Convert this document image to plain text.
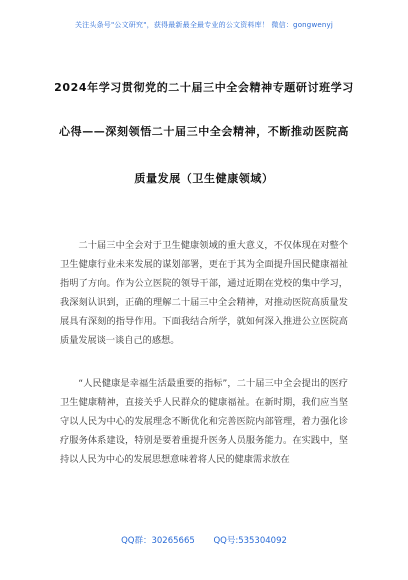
关注头条号"公文研究"，获得最新最全最专业的公文资料库！ 微信：gongwenyj
2024年学习贯彻党的二十届三中全会精神专题研讨班学习
心得——深刻领悟二十届三中全会精神，不断推动医院高
质量发展（卫生健康领域）
二十届三中全会对于卫生健康领域的重大意义，不仅体现在对整个卫生健康行业未来发展的谋划部署，更在于其为全面提升国民健康福祉指明了方向。作为公立医院的领导干部，通过近期在党校的集中学习，我深刻认识到，正确的理解二十届三中全会精神，对推动医院高质量发展具有深刻的指导作用。下面我结合所学，就如何深入推进公立医院高质量发展谈一谈自己的感想。
“人民健康是幸福生活最重要的指标”，二十届三中全会提出的医疗卫生健康精神，直接关乎人民群众的健康福祉。在新时期，我们应当坚守以人民为中心的发展理念不断优化和完善医院内部管理，着力强化诊疗服务体系建设，特别是要着重提升医务人员服务能力。在实践中，坚持以人民为中心的发展思想意味着将人民的健康需求放在
QQ群：30265665 QQ号:535304092
